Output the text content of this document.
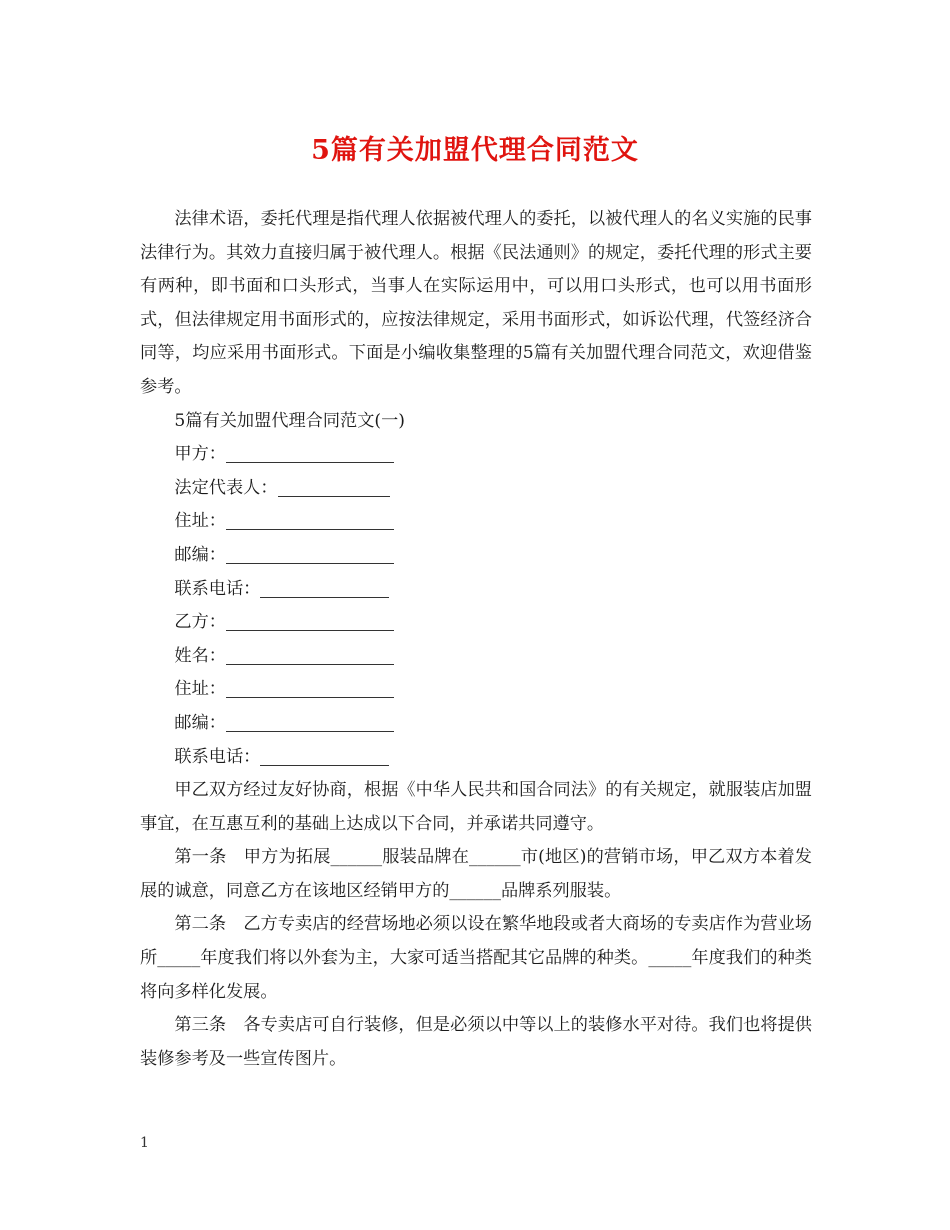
5篇有关加盟代理合同范文

法律术语，委托代理是指代理人依据被代理人的委托，以被代理人的名义实施的民事法律行为。其效力直接归属于被代理人。根据《民法通则》的规定，委托代理的形式主要有两种，即书面和口头形式，当事人在实际运用中，可以用口头形式，也可以用书面形式，但法律规定用书面形式的，应按法律规定，采用书面形式，如诉讼代理，代签经济合同等，均应采用书面形式。下面是小编收集整理的5篇有关加盟代理合同范文，欢迎借鉴参考。

5篇有关加盟代理合同范文(一)

甲方：

法定代表人：

住址：

邮编：

联系电话：

乙方：

姓名：

住址：

邮编：

联系电话：

甲乙双方经过友好协商，根据《中华人民共和国合同法》的有关规定，就服装店加盟事宜，在互惠互利的基础上达成以下合同，并承诺共同遵守。

第一条　甲方为拓展______服装品牌在______市(地区)的营销市场，甲乙双方本着发展的诚意，同意乙方在该地区经销甲方的______品牌系列服装。

第二条　乙方专卖店的经营场地必须以设在繁华地段或者大商场的专卖店作为营业场所_____年度我们将以外套为主，大家可适当搭配其它品牌的种类。_____年度我们的种类将向多样化发展。

第三条　各专卖店可自行装修，但是必须以中等以上的装修水平对待。我们也将提供装修参考及一些宣传图片。

1
